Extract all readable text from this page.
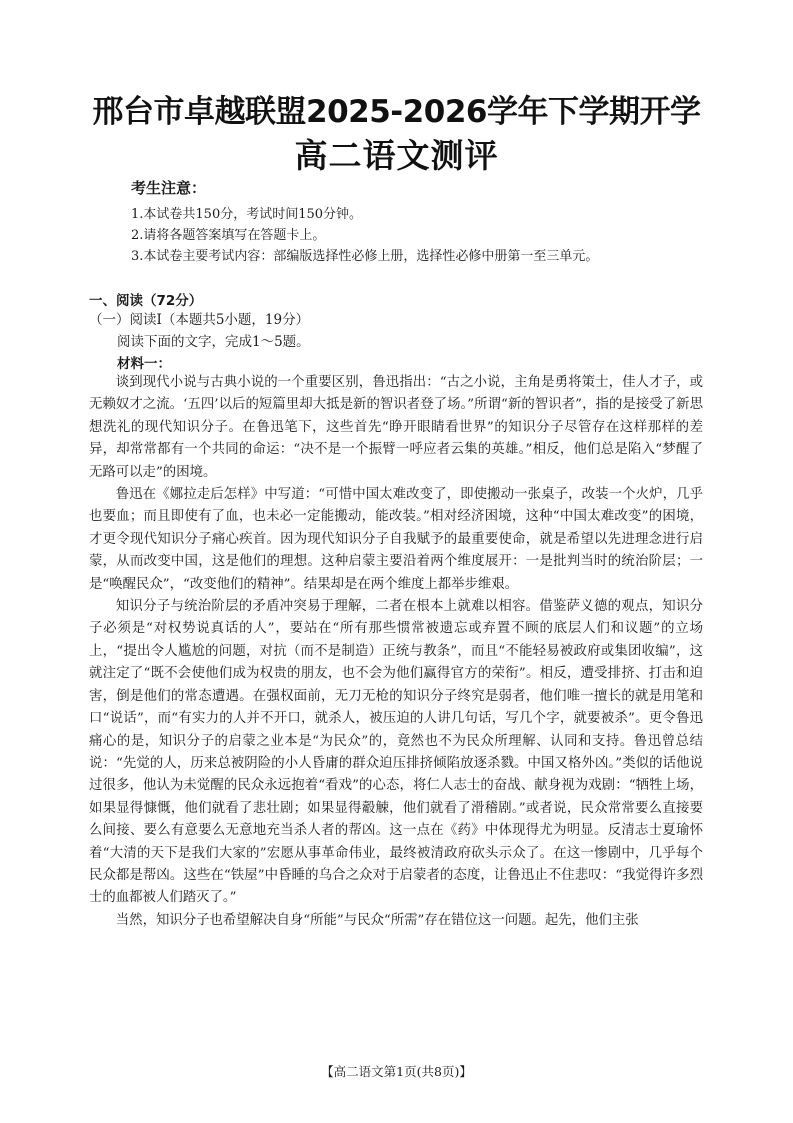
邢台市卓越联盟2025-2026学年下学期开学
高二语文测评
考生注意：
1.本试卷共150分，考试时间150分钟。
2.请将各题答案填写在答题卡上。
3.本试卷主要考试内容：部编版选择性必修上册，选择性必修中册第一至三单元。
一、阅读（72分）
（一）阅读Ⅰ（本题共5小题，19分）
阅读下面的文字，完成1～5题。
材料一：

谈到现代小说与古典小说的一个重要区别，鲁迅指出：“古之小说，主角是勇将策士，佳人才子，或无赖奴才之流。‘五四’以后的短篇里却大抵是新的智识者登了场。”所谓“新的智识者”，指的是接受了新思想洗礼的现代知识分子。在鲁迅笔下，这些首先“睁开眼睛看世界”的知识分子尽管存在这样那样的差异，却常常都有一个共同的命运：“决不是一个振臂一呼应者云集的英雄。”相反，他们总是陷入“梦醒了无路可以走”的困境。

鲁迅在《娜拉走后怎样》中写道：“可惜中国太难改变了，即使搬动一张桌子，改装一个火炉，几乎也要血；而且即使有了血，也未必一定能搬动，能改装。”相对经济困境，这种“中国太难改变”的困境，才更令现代知识分子痛心疾首。因为现代知识分子自我赋予的最重要使命，就是希望以先进理念进行启蒙，从而改变中国，这是他们的理想。这种启蒙主要沿着两个维度展开：一是批判当时的统治阶层；一是“唤醒民众”，“改变他们的精神”。结果却是在两个维度上都举步维艰。

知识分子与统治阶层的矛盾冲突易于理解，二者在根本上就难以相容。借鉴萨义德的观点，知识分子必须是“对权势说真话的人”，要站在“所有那些惯常被遗忘或弃置不顾的底层人们和议题”的立场上，“提出令人尴尬的问题，对抗（而不是制造）正统与教条”，而且“不能轻易被政府或集团收编”，这就注定了“既不会使他们成为权贵的朋友，也不会为他们赢得官方的荣衔”。相反，遭受排挤、打击和迫害，倒是他们的常态遭遇。在强权面前，无刀无枪的知识分子终究是弱者，他们唯一擅长的就是用笔和口“说话”，而“有实力的人并不开口，就杀人，被压迫的人讲几句话，写几个字，就要被杀”。更令鲁迅痛心的是，知识分子的启蒙之业本是“为民众”的，竟然也不为民众所理解、认同和支持。鲁迅曾总结说：“先觉的人，历来总被阴险的小人昏庸的群众迫压排挤倾陷放逐杀戮。中国又格外凶。”类似的话他说过很多，他认为未觉醒的民众永远抱着“看戏”的心态，将仁人志士的奋战、献身视为戏剧：“牺牲上场，如果显得慷慨，他们就看了悲壮剧；如果显得觳觫，他们就看了滑稽剧。”或者说，民众常常要么直接要么间接、要么有意要么无意地充当杀人者的帮凶。这一点在《药》中体现得尤为明显。反清志士夏瑜怀着“大清的天下是我们大家的”宏愿从事革命伟业，最终被清政府砍头示众了。在这一惨剧中，几乎每个民众都是帮凶。这些在“铁屋”中昏睡的乌合之众对于启蒙者的态度，让鲁迅止不住悲叹：“我觉得许多烈士的血都被人们踏灭了。”

当然，知识分子也希望解决自身“所能”与民众“所需”存在错位这一问题。起先，他们主张

【高二语文第1页(共8页)】
